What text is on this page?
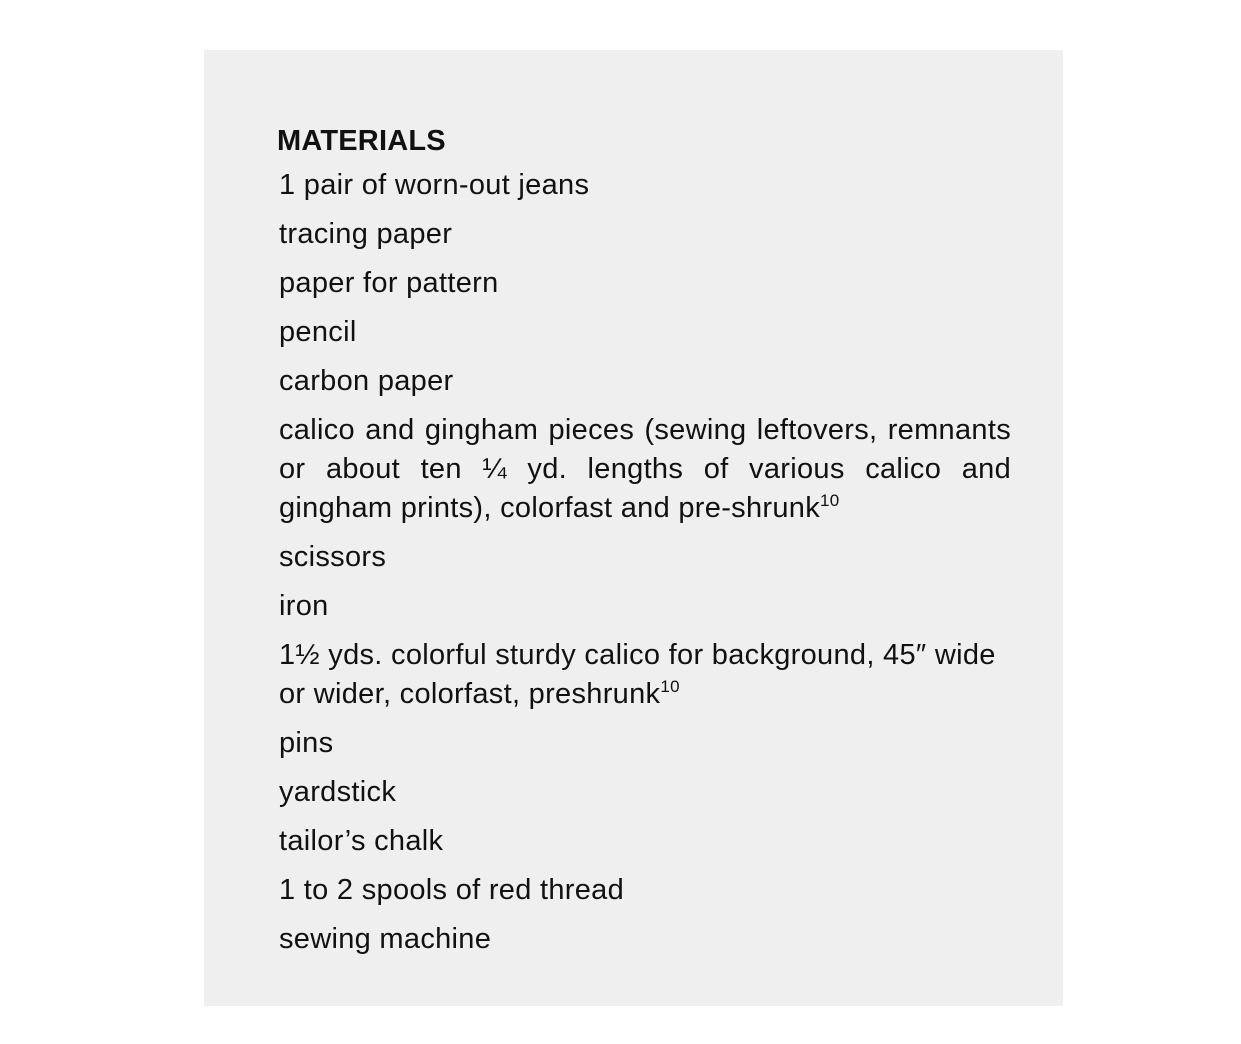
MATERIALS
1 pair of worn-out jeans
tracing paper
paper for pattern
pencil
carbon paper
calico and gingham pieces (sewing leftovers, remnants or about ten ¼ yd. lengths of various calico and gingham prints), colorfast and pre-shrunk$^{10}$
scissors
iron
1½ yds. colorful sturdy calico for background, 45″ wide or wider, colorfast, preshrunk$^{10}$
pins
yardstick
tailor’s chalk
1 to 2 spools of red thread
sewing machine
